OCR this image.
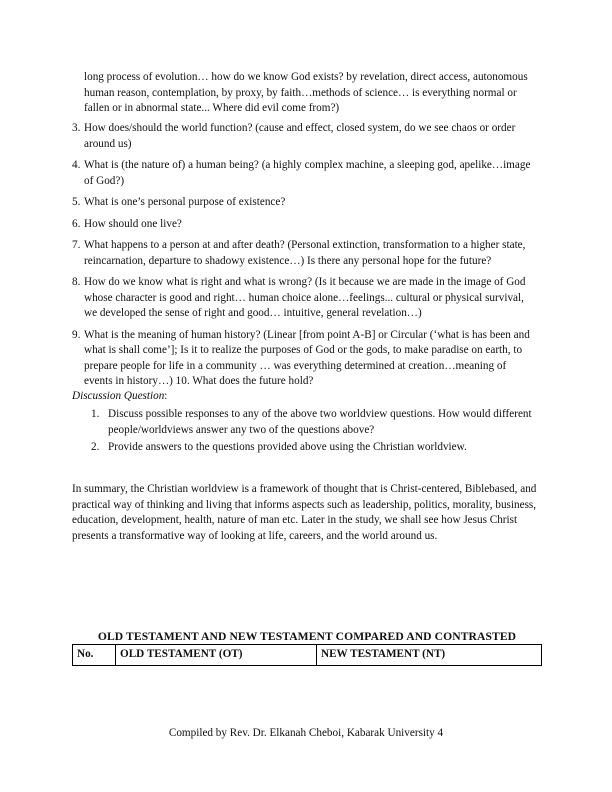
long process of evolution… how do we know God exists? by revelation, direct access, autonomous human reason, contemplation, by proxy, by faith…methods of science… is everything normal or fallen or in abnormal state... Where did evil come from?)

3. How does/should the world function? (cause and effect, closed system, do we see chaos or order around us)
4. What is (the nature of) a human being? (a highly complex machine, a sleeping god, apelike…image of God?)
5. What is one’s personal purpose of existence?
6. How should one live?
7. What happens to a person at and after death? (Personal extinction, transformation to a higher state, reincarnation, departure to shadowy existence…) Is there any personal hope for the future?
8. How do we know what is right and what is wrong? (Is it because we are made in the image of God whose character is good and right… human choice alone…feelings... cultural or physical survival, we developed the sense of right and good… intuitive, general revelation…)
9. What is the meaning of human history? (Linear [from point A-B] or Circular (‘what is has been and what is shall come’]; Is it to realize the purposes of God or the gods, to make paradise on earth, to prepare people for life in a community … was everything determined at creation…meaning of events in history…) 10. What does the future hold?

Discussion Question:

1. Discuss possible responses to any of the above two worldview questions. How would different people/worldviews answer any two of the questions above?
2. Provide answers to the questions provided above using the Christian worldview.

In summary, the Christian worldview is a framework of thought that is Christ-centered, Biblebased, and practical way of thinking and living that informs aspects such as leadership, politics, morality, business, education, development, health, nature of man etc. Later in the study, we shall see how Jesus Christ presents a transformative way of looking at life, careers, and the world around us.

OLD TESTAMENT AND NEW TESTAMENT COMPARED AND CONTRASTED

No.	OLD TESTAMENT (OT)	NEW TESTAMENT (NT)

Compiled by Rev. Dr. Elkanah Cheboi, Kabarak University 4
